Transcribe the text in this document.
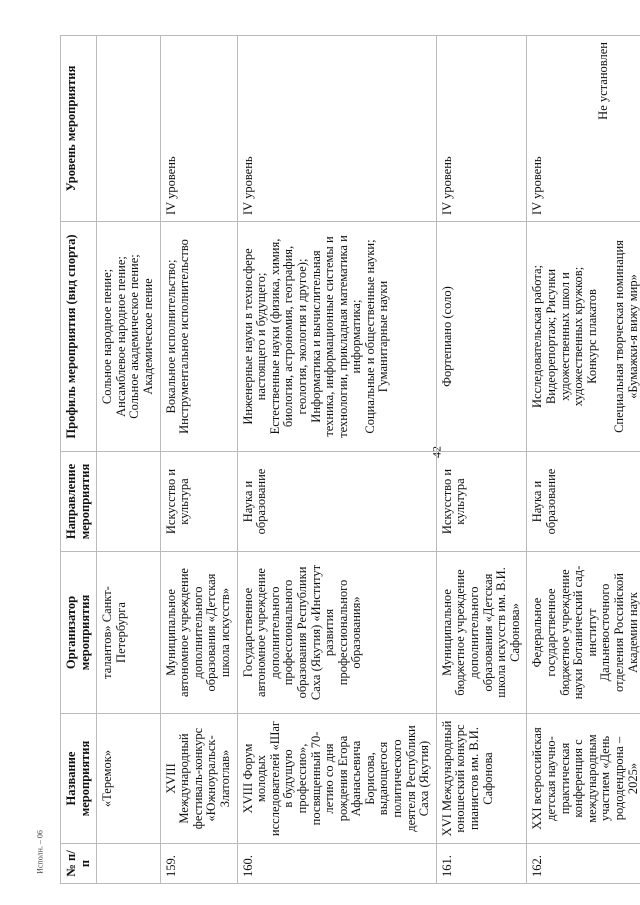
42
№ п/п	Название мероприятия	Организатор мероприятия	Направление мероприятия	Профиль мероприятия (вид спорта)	Уровень мероприятия
	«Теремок»	талантов» Санкт-Петербурга		Сольное народное пение;
Ансамблевое народное пение;
Сольное академическое пение;
Академическое пение	
159.	XVIII Международный фестиваль-конкурс «Южноуральск-Златоглав»	Муниципальное автономное учреждение дополнительного образования «Детская школа искусств»	Искусство и культура	Вокальное исполнительство;
Инструментальное исполнительство	IV уровень
160.	XVIII Форум молодых исследователей «Шаг в будущую профессию», посвященный 70-летию со дня рождения Егора Афанасьевича Борисова, выдающегося политического деятеля Республики Саха (Якутия)	Государственное автономное учреждение дополнительного профессионального образования Республики Саха (Якутия) «Институт развития профессионального образования»	Наука и образование	Инженерные науки в техносфере настоящего и будущего;
Естественные науки (физика, химия, биология, астрономия, география, геология, экология и другое); Информатика и вычислительная техника, информационные системы и технологии, прикладная математика и информатика;
Социальные и общественные науки; Гуманитарные науки	IV уровень
161.	XVI Международный юношеский конкурс пианистов им. В.И. Сафонова	Муниципальное бюджетное учреждение дополнительного образования «Детская школа искусств им. В.И. Сафонова»	Искусство и культура	Фортепиано (соло)	IV уровень
162.	XXI всероссийская детская научно-практическая конференция с международным участием «День рододендрона – 2025»	Федеральное государственное бюджетное учреждение науки Ботанический сад-институт Дальневосточного отделения Российской Академии наук	Наука и образование	Исследовательская работа;
Видеорепортаж; Рисунки художественных школ и художественных кружков;
Конкурс плакатов

Специальная творческая номинация «Бумажки-я вижу мир»	IV уровень
Не установлен
Исполн. – 06
